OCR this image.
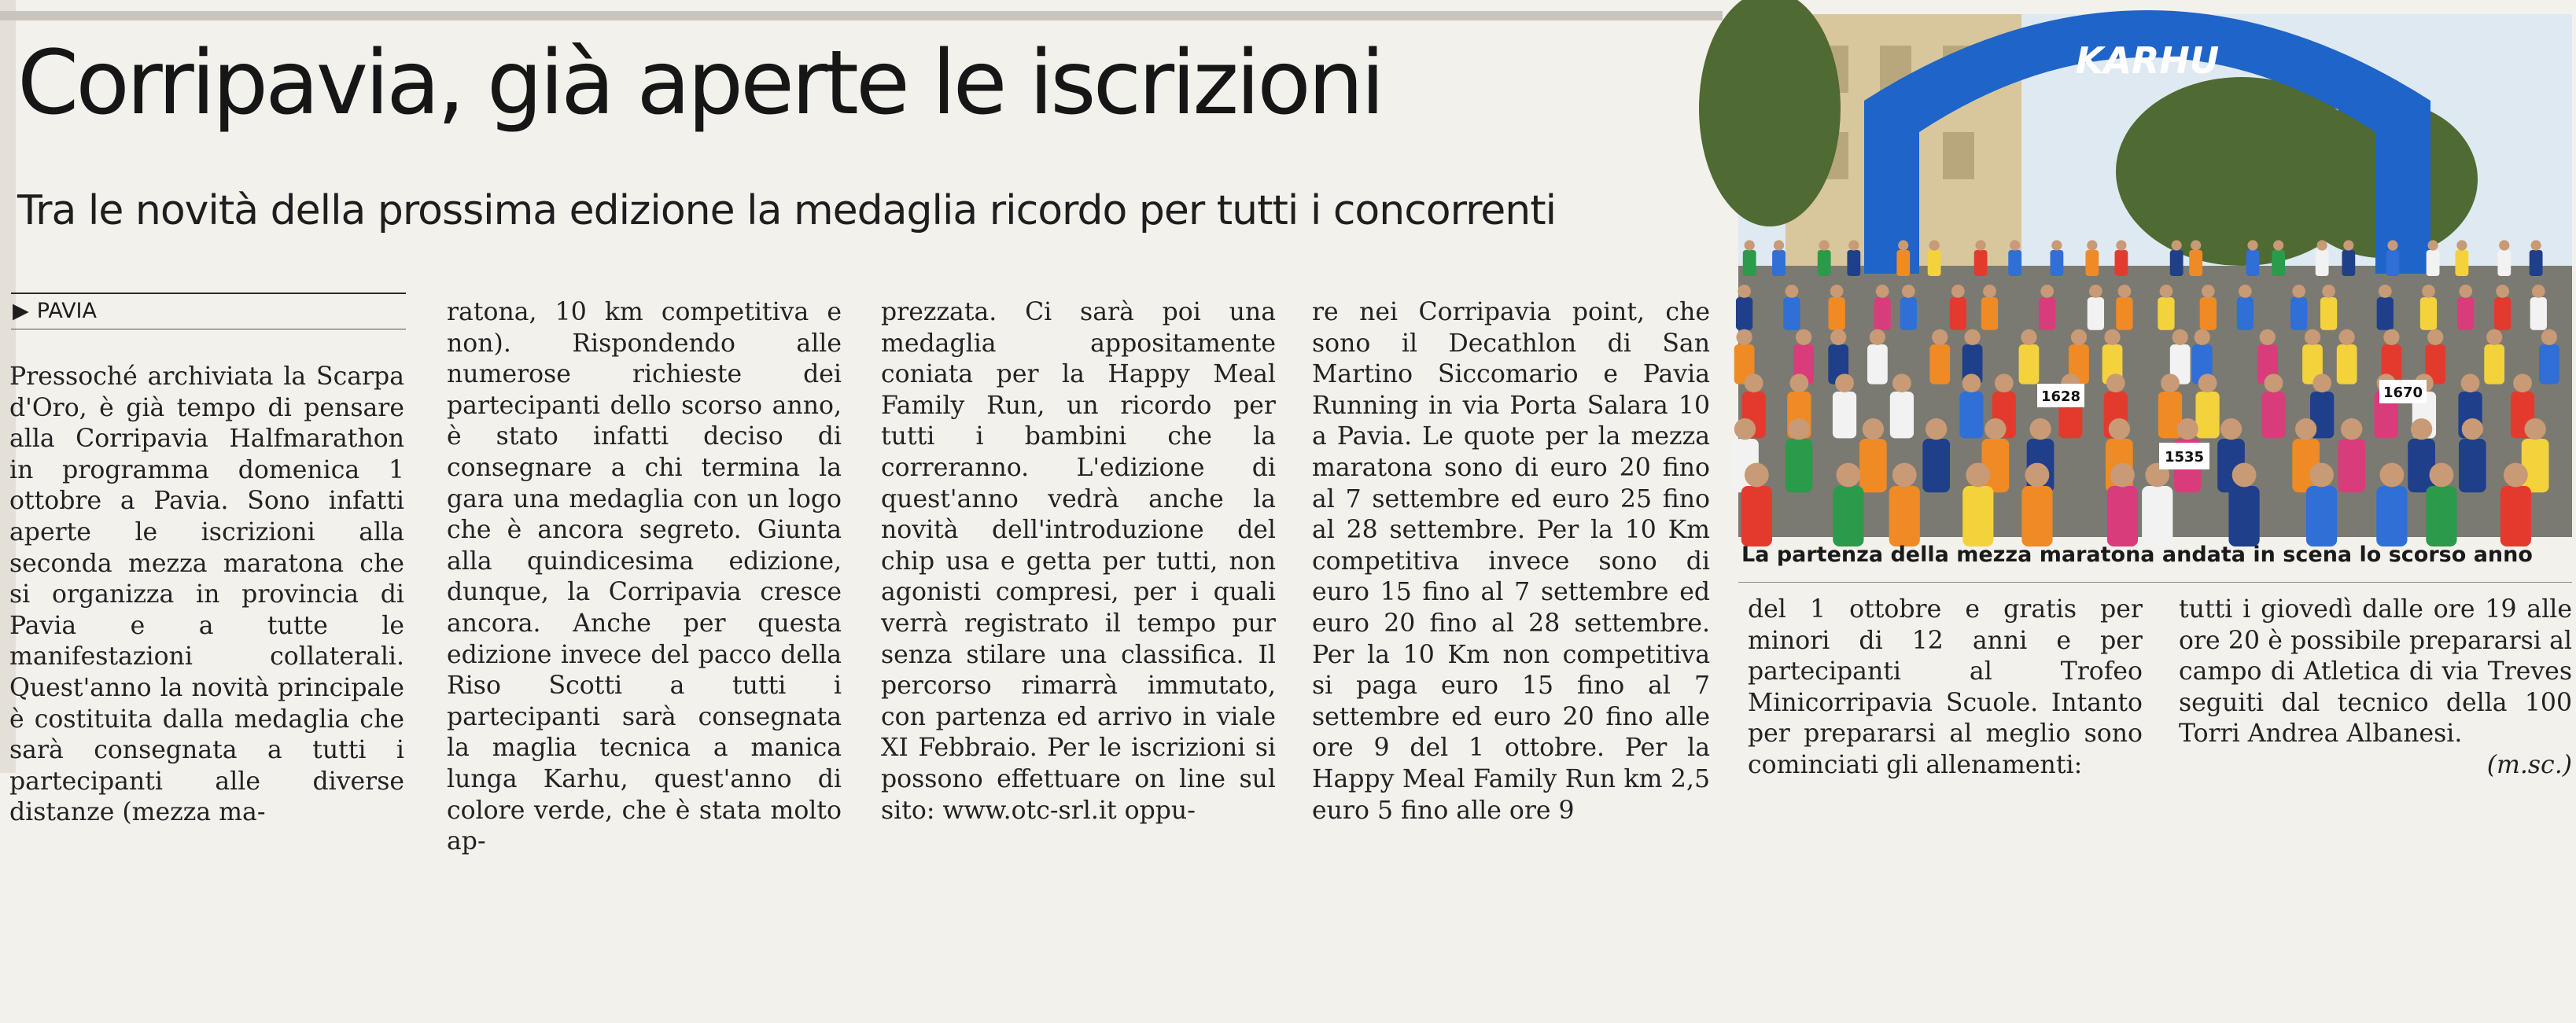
Corripavia, già aperte le iscrizioni
Tra le novità della prossima edizione la medaglia ricordo per tutti i concorrenti
▶ PAVIA

Pressoché archiviata la Scarpa d'Oro, è già tempo di pensare alla Corripavia Halfmarathon in programma domenica 1 ottobre a Pavia. Sono infatti aperte le iscrizioni alla seconda mezza maratona che si organizza in provincia di Pavia e a tutte le manifestazioni collaterali. Quest'anno la novità principale è costituita dalla medaglia che sarà consegnata a tutti i partecipanti alle diverse distanze (mezza ma-

ratona, 10 km competitiva e non). Rispondendo alle numerose richieste dei partecipanti dello scorso anno, è stato infatti deciso di consegnare a chi termina la gara una medaglia con un logo che è ancora segreto. Giunta alla quindicesima edizione, dunque, la Corripavia cresce ancora. Anche per questa edizione invece del pacco della Riso Scotti a tutti i partecipanti sarà consegnata la maglia tecnica a manica lunga Karhu, quest'anno di colore verde, che è stata molto ap-

prezzata. Ci sarà poi una medaglia appositamente coniata per la Happy Meal Family Run, un ricordo per tutti i bambini che la correranno. L'edizione di quest'anno vedrà anche la novità dell'introduzione del chip usa e getta per tutti, non agonisti compresi, per i quali verrà registrato il tempo pur senza stilare una classifica. Il percorso rimarrà immutato, con partenza ed arrivo in viale XI Febbraio. Per le iscrizioni si possono effettuare on line sul sito: www.otc-srl.it oppu-

re nei Corripavia point, che sono il Decathlon di San Martino Siccomario e Pavia Running in via Porta Salara 10 a Pavia. Le quote per la mezza maratona sono di euro 20 fino al 7 settembre ed euro 25 fino al 28 settembre. Per la 10 Km competitiva invece sono di euro 15 fino al 7 settembre ed euro 20 fino al 28 settembre. Per la 10 Km non competitiva si paga euro 15 fino al 7 settembre ed euro 20 fino alle ore 9 del 1 ottobre. Per la Happy Meal Family Run km 2,5 euro 5 fino alle ore 9

KARHU
1535
1670
1628
La partenza della mezza maratona andata in scena lo scorso anno

del 1 ottobre e gratis per minori di 12 anni e per partecipanti al Trofeo Minicorripavia Scuole. Intanto per prepararsi al meglio sono cominciati gli allenamenti:

tutti i giovedì dalle ore 19 alle ore 20 è possibile prepararsi al campo di Atletica di via Treves seguiti dal tecnico della 100 Torri Andrea Albanesi.

(m.sc.)
